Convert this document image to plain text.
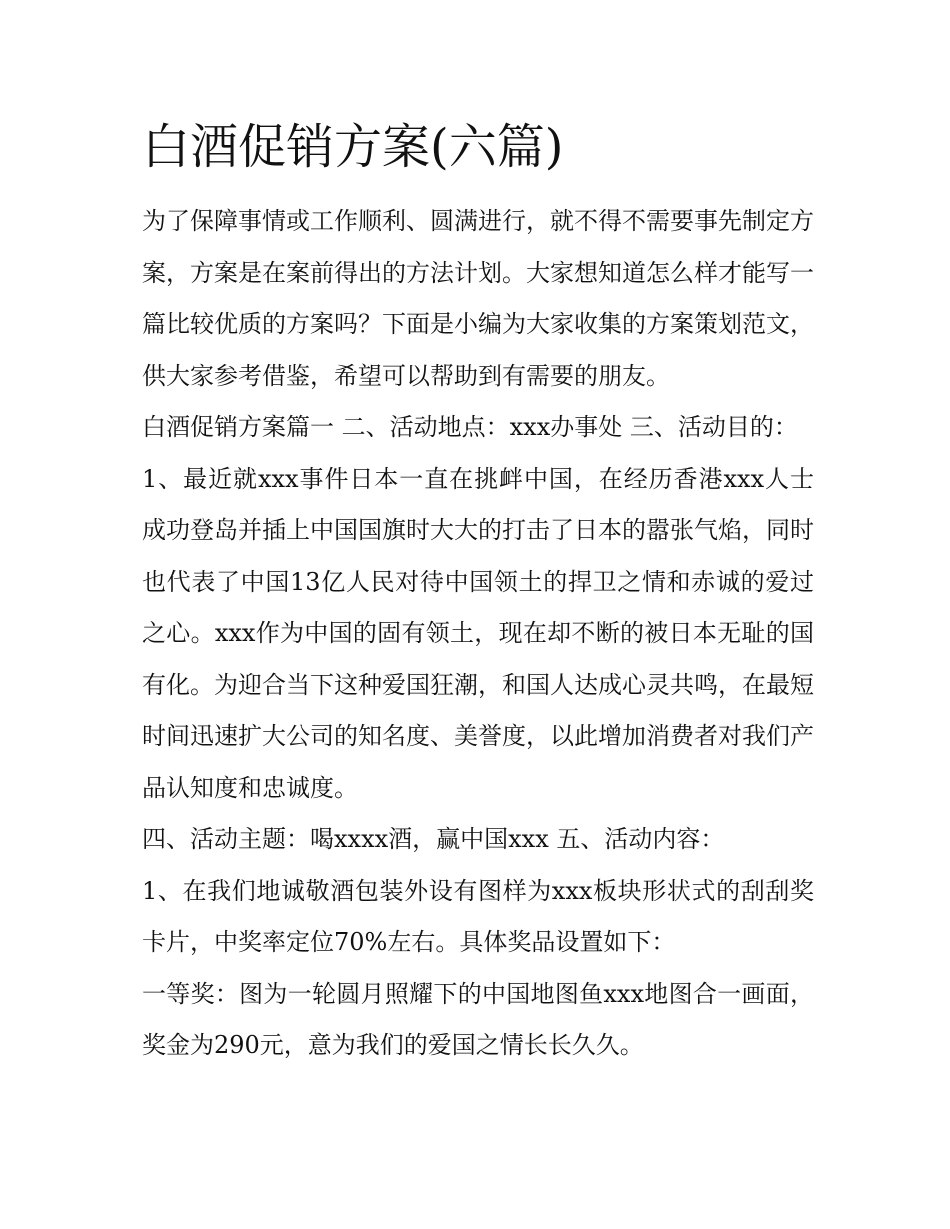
白酒促销方案(六篇)

为了保障事情或工作顺利、圆满进行，就不得不需要事先制定方案，方案是在案前得出的方法计划。大家想知道怎么样才能写一篇比较优质的方案吗？下面是小编为大家收集的方案策划范文，供大家参考借鉴，希望可以帮助到有需要的朋友。

白酒促销方案篇一 二、活动地点：xxx办事处 三、活动目的：

1、最近就xxx事件日本一直在挑衅中国，在经历香港xxx人士成功登岛并插上中国国旗时大大的打击了日本的嚣张气焰，同时也代表了中国13亿人民对待中国领土的捍卫之情和赤诚的爱过之心。xxx作为中国的固有领土，现在却不断的被日本无耻的国有化。为迎合当下这种爱国狂潮，和国人达成心灵共鸣，在最短时间迅速扩大公司的知名度、美誉度，以此增加消费者对我们产品认知度和忠诚度。

四、活动主题：喝xxxx酒，赢中国xxx 五、活动内容：

1、在我们地诚敬酒包装外设有图样为xxx板块形状式的刮刮奖卡片，中奖率定位70%左右。具体奖品设置如下：

一等奖：图为一轮圆月照耀下的中国地图鱼xxx地图合一画面，奖金为290元，意为我们的爱国之情长长久久。
